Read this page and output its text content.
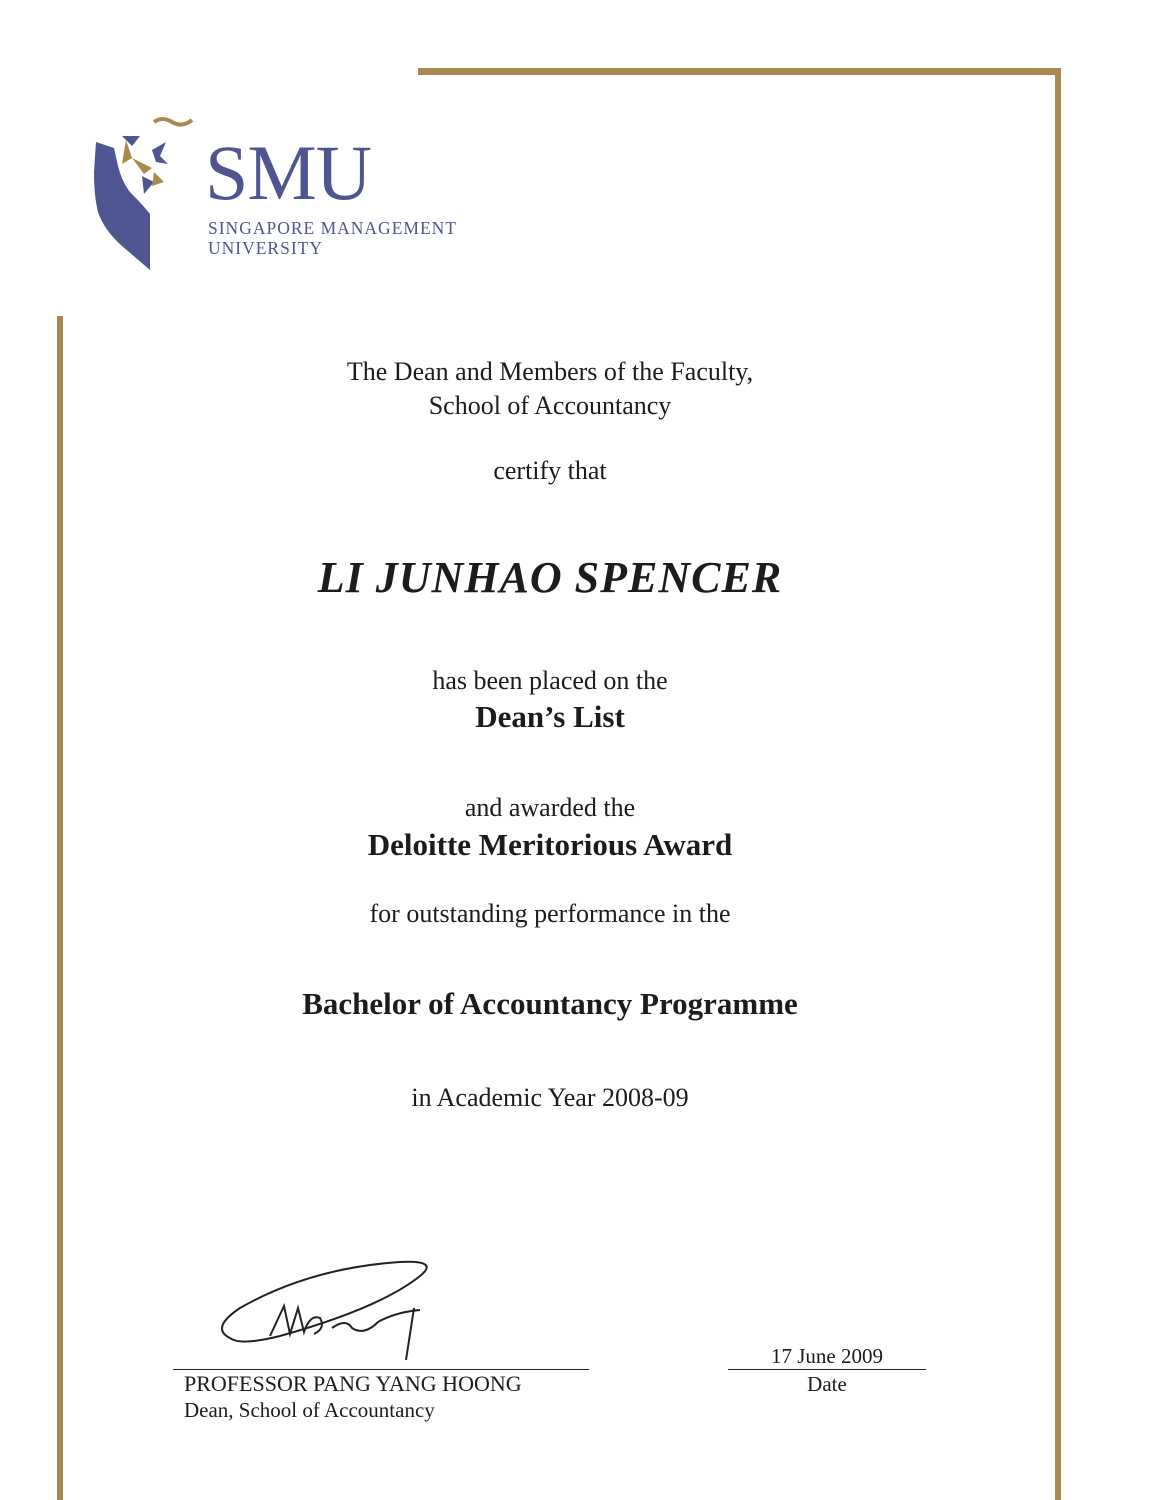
SMU
SINGAPORE MANAGEMENT
UNIVERSITY
The Dean and Members of the Faculty,
School of Accountancy
certify that
LI JUNHAO SPENCER
has been placed on the
Dean’s List
and awarded the
Deloitte Meritorious Award
for outstanding performance in the
Bachelor of Accountancy Programme
in Academic Year 2008-09
PROFESSOR PANG YANG HOONG
Dean, School of Accountancy
17 June 2009
Date
